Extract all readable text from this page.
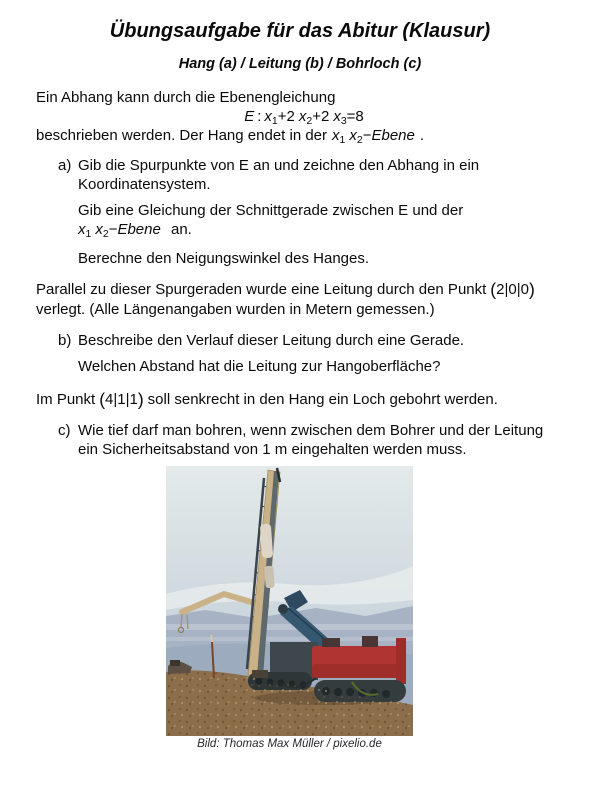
Übungsaufgabe für das Abitur (Klausur)
Hang (a) / Leitung (b) / Bohrloch (c)

Ein Abhang kann durch die Ebenengleichung

E : $x_1+2$ $x_2+2$ $x_3=8$

beschrieben werden. Der Hang endet in der $x_1$ $x_2-Ebene$ .

a) Gib die Spurpunkte von E an und zeichne den Abhang in ein
Koordinatensystem.
Gib eine Gleichung der Schnittgerade zwischen E und der
$x_1$ $x_2-Ebene$ an.
Berechne den Neigungswinkel des Hanges.

Parallel zu dieser Spurgeraden wurde eine Leitung durch den Punkt (2|0|0)
verlegt. (Alle Längenangaben wurden in Metern gemessen.)

b) Beschreibe den Verlauf dieser Leitung durch eine Gerade.
Welchen Abstand hat die Leitung zur Hangoberfläche?

Im Punkt (4|1|1) soll senkrecht in den Hang ein Loch gebohrt werden.

c) Wie tief darf man bohren, wenn zwischen dem Bohrer und der Leitung
ein Sicherheitsabstand von 1 m eingehalten werden muss.
Bild: Thomas Max Müller / pixelio.de
